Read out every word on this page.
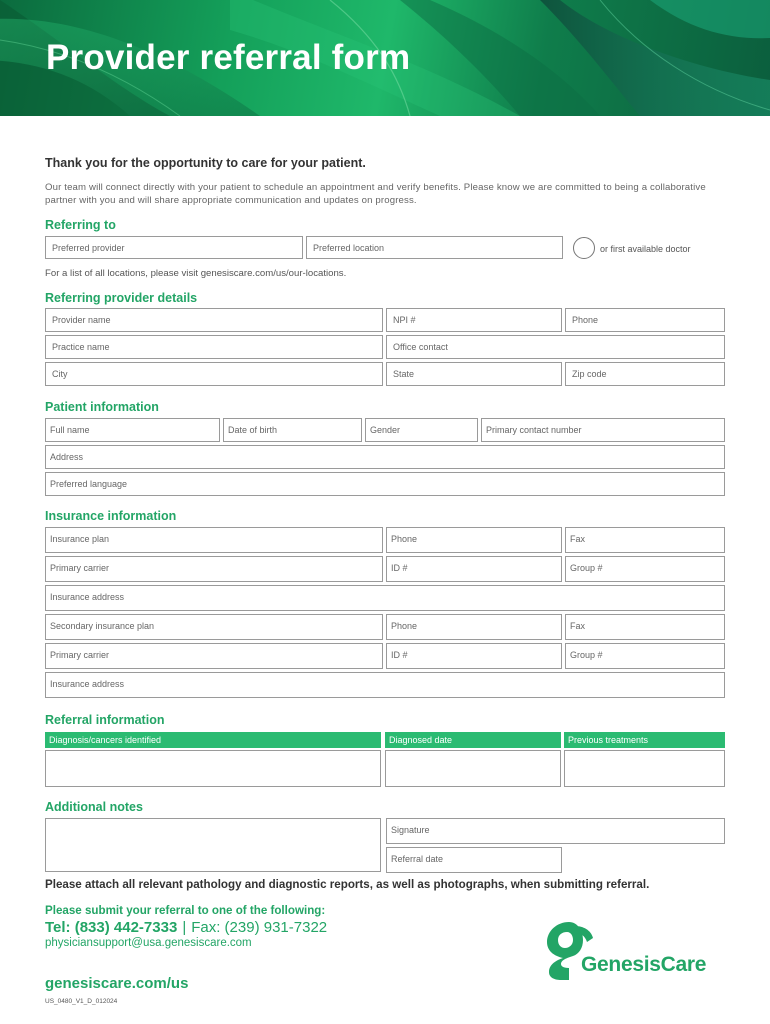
Provider referral form
Thank you for the opportunity to care for your patient.
Our team will connect directly with your patient to schedule an appointment and verify benefits. Please know we are committed to being a collaborative partner with you and will share appropriate communication and updates on progress.
Referring to
Preferred provider	Preferred location	or first available doctor
For a list of all locations, please visit genesiscare.com/us/our-locations.
Referring provider details
Provider name	NPI #	Phone
Practice name	Office contact
City	State	Zip code
Patient information
Full name	Date of birth	Gender	Primary contact number
Address
Preferred language
Insurance information
Insurance plan	Phone	Fax
Primary carrier	ID #	Group #
Insurance address
Secondary insurance plan	Phone	Fax
Primary carrier	ID #	Group #
Insurance address
Referral information
Diagnosis/cancers identified	Diagnosed date	Previous treatments
Additional notes
Signature
Referral date
Please attach all relevant pathology and diagnostic reports, as well as photographs, when submitting referral.
Please submit your referral to one of the following:
Tel: (833) 442-7333 | Fax: (239) 931-7322
physiciansupport@usa.genesiscare.com
genesiscare.com/us
US_0480_V1_D_012024
GenesisCare
